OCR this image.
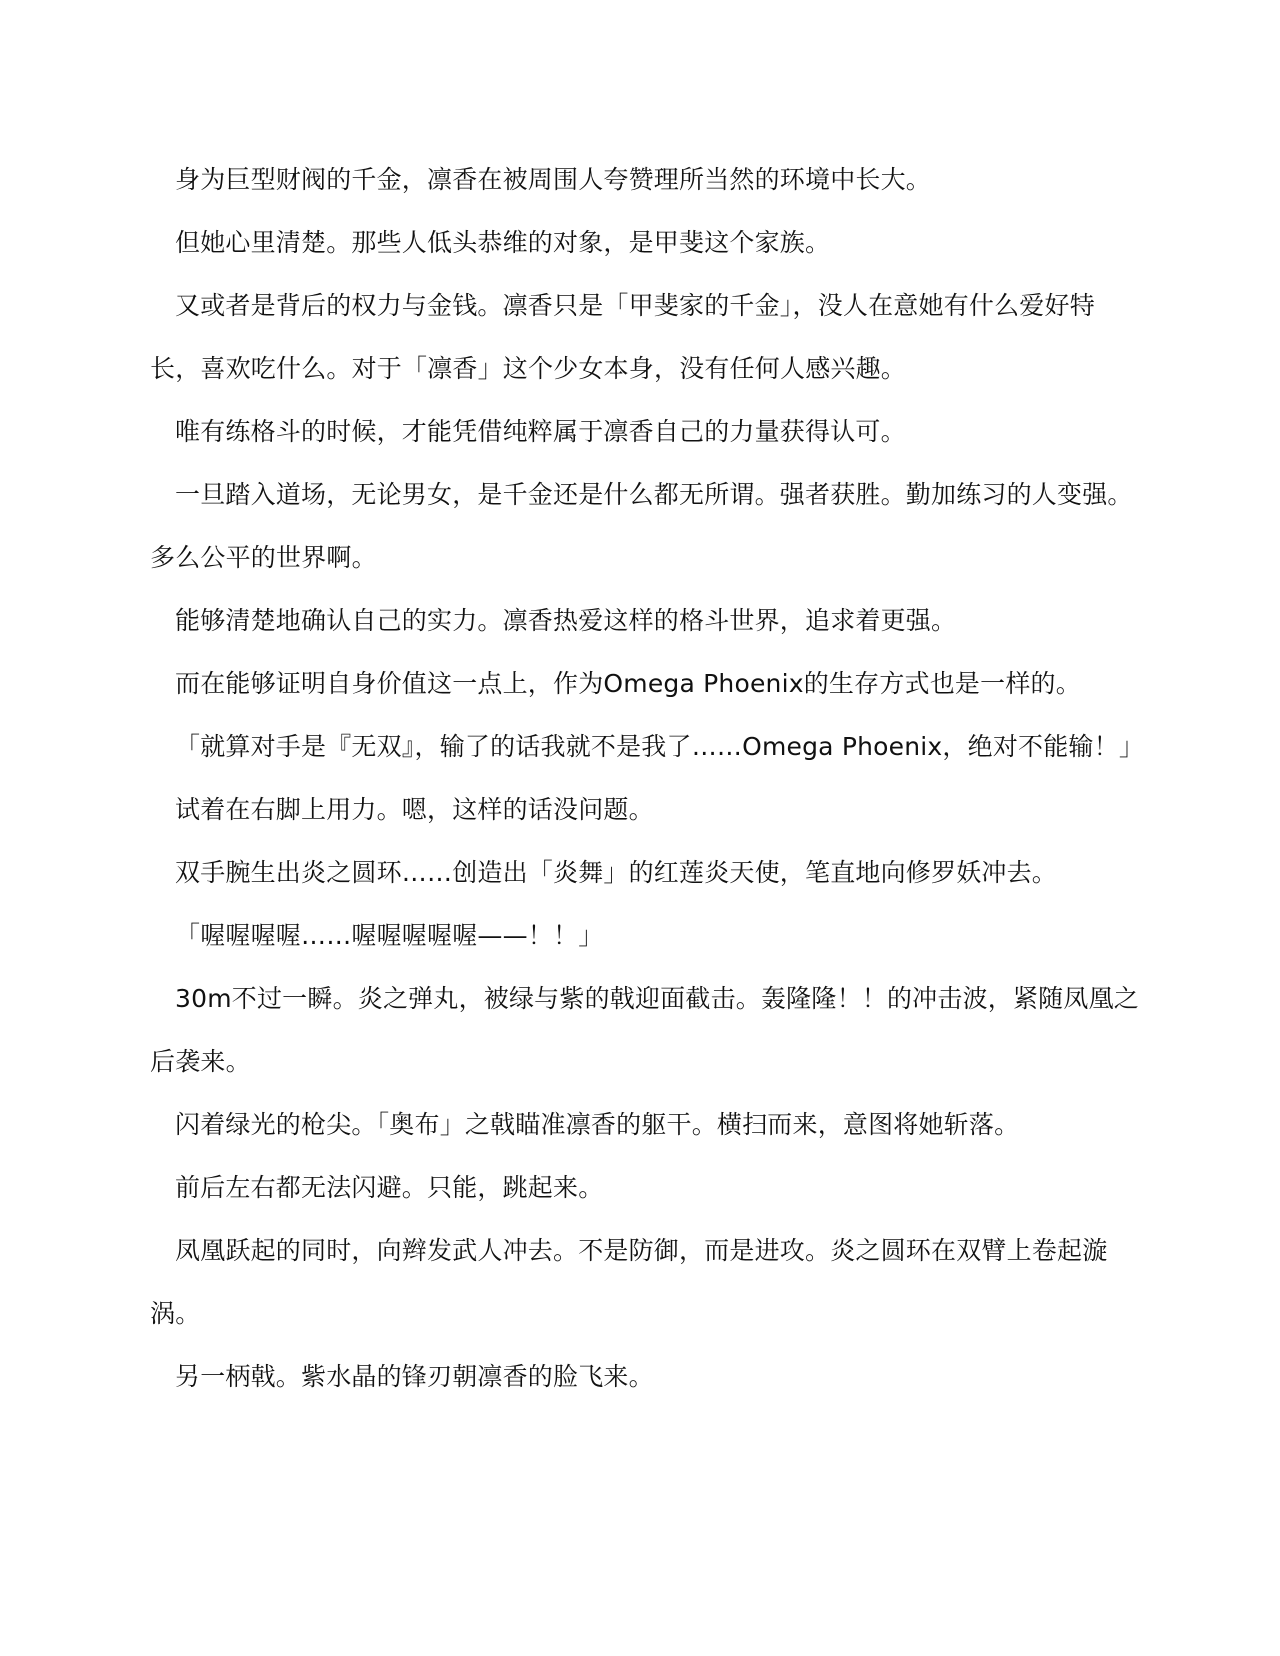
身为巨型财阀的千金，凛香在被周围人夸赞理所当然的环境中长大。

但她心里清楚。那些人低头恭维的对象，是甲斐这个家族。

又或者是背后的权力与金钱。凛香只是「甲斐家的千金」，没人在意她有什么爱好特长，喜欢吃什么。对于「凛香」这个少女本身，没有任何人感兴趣。

唯有练格斗的时候，才能凭借纯粹属于凛香自己的力量获得认可。

一旦踏入道场，无论男女，是千金还是什么都无所谓。强者获胜。勤加练习的人变强。多么公平的世界啊。

能够清楚地确认自己的实力。凛香热爱这样的格斗世界，追求着更强。

而在能够证明自身价值这一点上，作为Omega Phoenix的生存方式也是一样的。

「就算对手是『无双』，输了的话我就不是我了……Omega Phoenix，绝对不能输！」

试着在右脚上用力。嗯，这样的话没问题。

双手腕生出炎之圆环……创造出「炎舞」的红莲炎天使，笔直地向修罗妖冲去。

「喔喔喔喔……喔喔喔喔喔——！！」

30m不过一瞬。炎之弹丸，被绿与紫的戟迎面截击。轰隆隆！！的冲击波，紧随凤凰之后袭来。

闪着绿光的枪尖。「奥布」之戟瞄准凛香的躯干。横扫而来，意图将她斩落。

前后左右都无法闪避。只能，跳起来。

凤凰跃起的同时，向辫发武人冲去。不是防御，而是进攻。炎之圆环在双臂上卷起漩涡。

另一柄戟。紫水晶的锋刃朝凛香的脸飞来。
